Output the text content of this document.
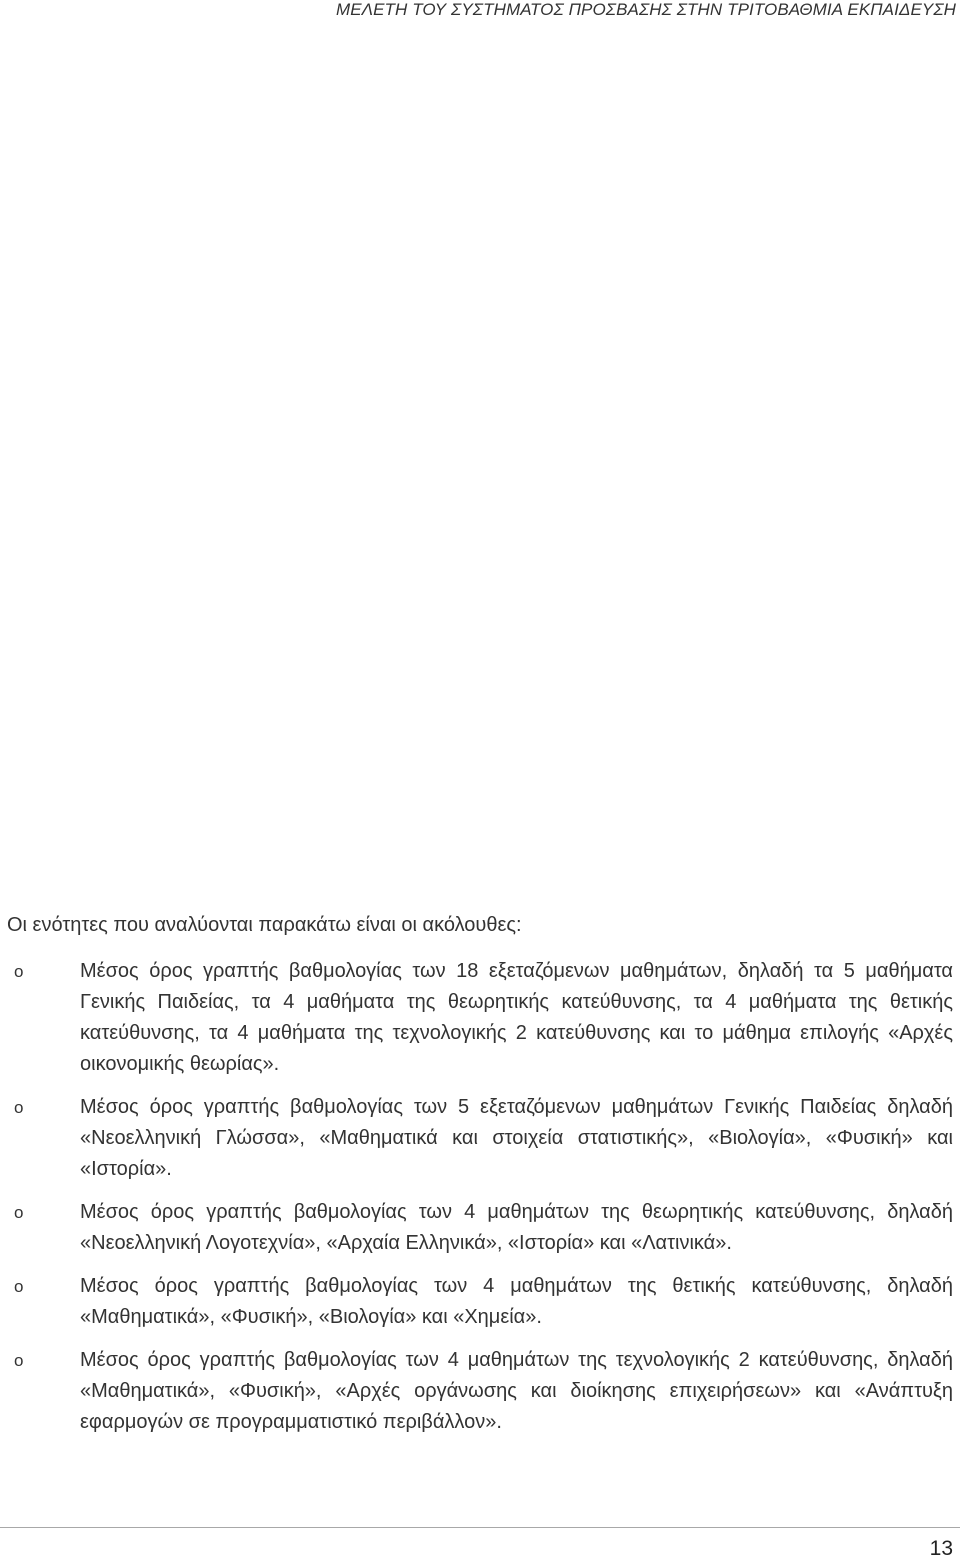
ΜΕΛΕΤΗ ΤΟΥ ΣΥΣΤΗΜΑΤΟΣ ΠΡΟΣΒΑΣΗΣ ΣΤΗΝ ΤΡΙΤΟΒΑΘΜΙΑ ΕΚΠΑΙΔΕΥΣΗ
Οι ενότητες που αναλύονται παρακάτω είναι οι ακόλουθες:
o	Μέσος όρος γραπτής βαθμολογίας των 18 εξεταζόμενων μαθημάτων, δηλαδή τα 5 μαθήματα Γενικής Παιδείας, τα 4 μαθήματα της θεωρητικής κατεύθυνσης, τα 4 μαθήματα της θετικής κατεύθυνσης, τα 4 μαθήματα της τεχνολογικής 2 κατεύθυνσης και το μάθημα επιλογής «Αρχές οικονομικής θεωρίας».
o	Μέσος όρος γραπτής βαθμολογίας των 5 εξεταζόμενων μαθημάτων Γενικής Παιδείας δηλαδή «Νεοελληνική Γλώσσα», «Μαθηματικά και στοιχεία στατιστικής», «Βιολογία», «Φυσική» και «Ιστορία».
o	Μέσος όρος γραπτής βαθμολογίας των 4 μαθημάτων της θεωρητικής κατεύθυνσης, δηλαδή «Νεοελληνική Λογοτεχνία», «Αρχαία Ελληνικά», «Ιστορία» και «Λατινικά».
o	Μέσος όρος γραπτής βαθμολογίας των 4 μαθημάτων της θετικής κατεύθυνσης, δηλαδή «Μαθηματικά», «Φυσική», «Βιολογία» και «Χημεία».
o	Μέσος όρος γραπτής βαθμολογίας των 4 μαθημάτων της τεχνολογικής 2 κατεύθυνσης, δηλαδή «Μαθηματικά», «Φυσική», «Αρχές οργάνωσης και διοίκησης επιχειρήσεων» και «Ανάπτυξη εφαρμογών σε προγραμματιστικό περιβάλλον».
13
